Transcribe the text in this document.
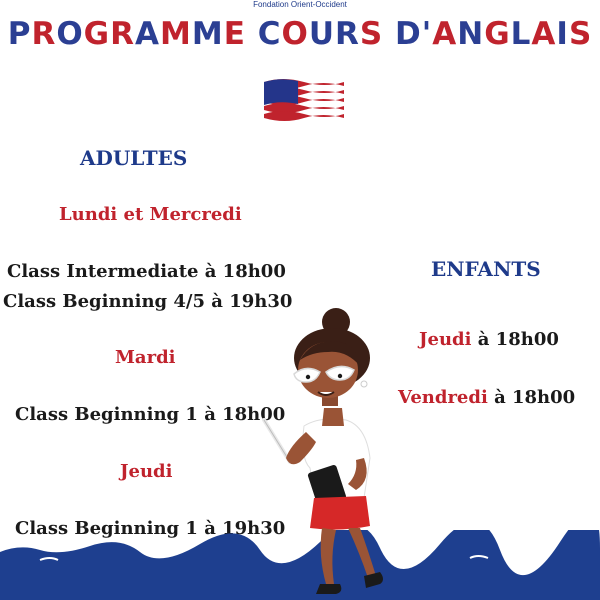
Fondation Orient-Occident
PROGRAMME COURS D'ANGLAIS
ADULTES
Lundi et Mercredi
Class Intermediate à 18h00
Class Beginning 4/5 à 19h30
Mardi
Class Beginning 1 à 18h00
Jeudi
Class Beginning 1 à 19h30
ENFANTS
Jeudi à 18h00
Vendredi à 18h00
